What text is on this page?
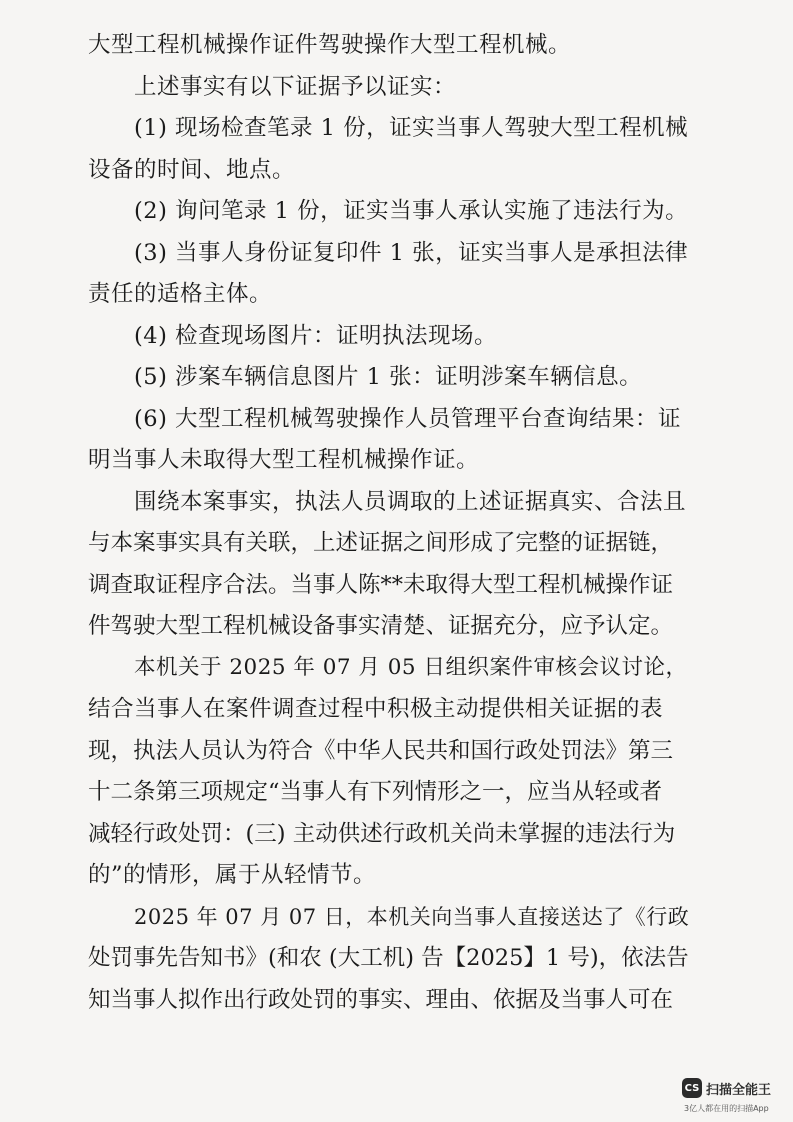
大型工程机械操作证件驾驶操作大型工程机械。
上述事实有以下证据予以证实：
(1) 现场检查笔录 1 份，证实当事人驾驶大型工程机械
设备的时间、地点。
(2) 询问笔录 1 份，证实当事人承认实施了违法行为。
(3) 当事人身份证复印件 1 张，证实当事人是承担法律
责任的适格主体。
(4) 检查现场图片：证明执法现场。
(5) 涉案车辆信息图片 1 张：证明涉案车辆信息。
(6) 大型工程机械驾驶操作人员管理平台查询结果：证
明当事人未取得大型工程机械操作证。
围绕本案事实，执法人员调取的上述证据真实、合法且
与本案事实具有关联，上述证据之间形成了完整的证据链，
调查取证程序合法。当事人陈**未取得大型工程机械操作证
件驾驶大型工程机械设备事实清楚、证据充分，应予认定。
本机关于 2025 年 07 月 05 日组织案件审核会议讨论，
结合当事人在案件调查过程中积极主动提供相关证据的表
现，执法人员认为符合《中华人民共和国行政处罚法》第三
十二条第三项规定“当事人有下列情形之一，应当从轻或者
减轻行政处罚：(三) 主动供述行政机关尚未掌握的违法行为
的”的情形，属于从轻情节。
2025 年 07 月 07 日，本机关向当事人直接送达了《行政
处罚事先告知书》(和农 (大工机) 告【2025】1 号)，依法告
知当事人拟作出行政处罚的事实、理由、依据及当事人可在
CS 扫描全能王
3亿人都在用的扫描App
